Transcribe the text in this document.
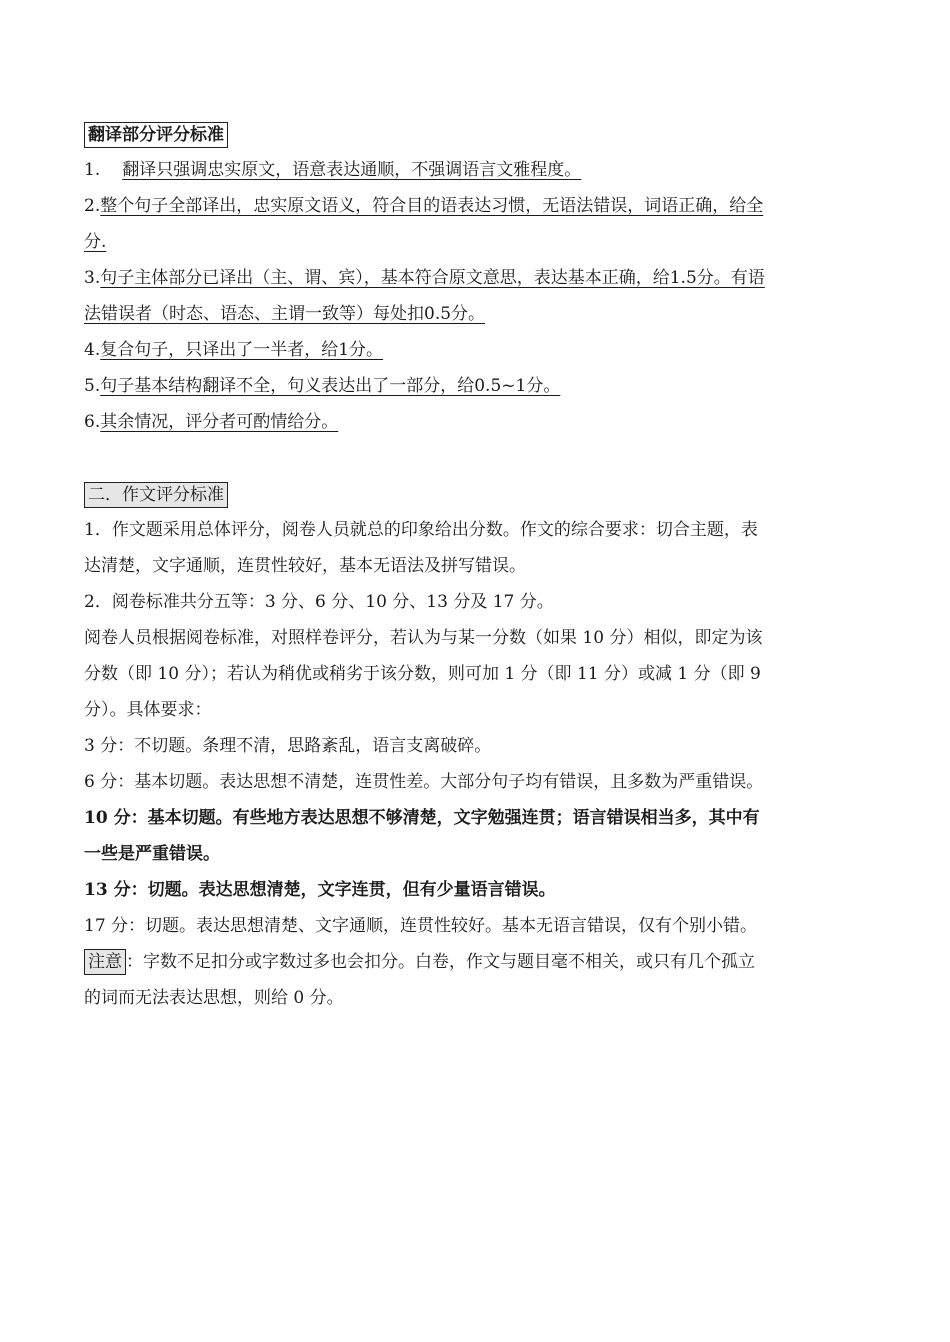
翻译部分评分标准
1. 翻译只强调忠实原文，语意表达通顺，不强调语言文雅程度。
2.整个句子全部译出，忠实原文语义，符合目的语表达习惯，无语法错误，词语正确，给全
分.
3.句子主体部分已译出（主、谓、宾），基本符合原文意思，表达基本正确，给1.5分。有语
法错误者（时态、语态、主谓一致等）每处扣0.5分。
4.复合句子，只译出了一半者，给1分。
5.句子基本结构翻译不全，句义表达出了一部分，给0.5~1分。
6.其余情况，评分者可酌情给分。
二．作文评分标准
1．作文题采用总体评分，阅卷人员就总的印象给出分数。作文的综合要求：切合主题，表
达清楚，文字通顺，连贯性较好，基本无语法及拼写错误。
2．阅卷标准共分五等：3 分、6 分、10 分、13 分及 17 分。
阅卷人员根据阅卷标准，对照样卷评分，若认为与某一分数（如果 10 分）相似，即定为该
分数（即 10 分）；若认为稍优或稍劣于该分数，则可加 1 分（即 11 分）或减 1 分（即 9
分）。具体要求：
3 分：不切题。条理不清，思路紊乱，语言支离破碎。
6 分：基本切题。表达思想不清楚，连贯性差。大部分句子均有错误，且多数为严重错误。
10 分：基本切题。有些地方表达思想不够清楚，文字勉强连贯；语言错误相当多，其中有
一些是严重错误。
13 分：切题。表达思想清楚，文字连贯，但有少量语言错误。
17 分：切题。表达思想清楚、文字通顺，连贯性较好。基本无语言错误，仅有个别小错。
注意 ：字数不足扣分或字数过多也会扣分。白卷，作文与题目毫不相关，或只有几个孤立
的词而无法表达思想，则给 0 分。
